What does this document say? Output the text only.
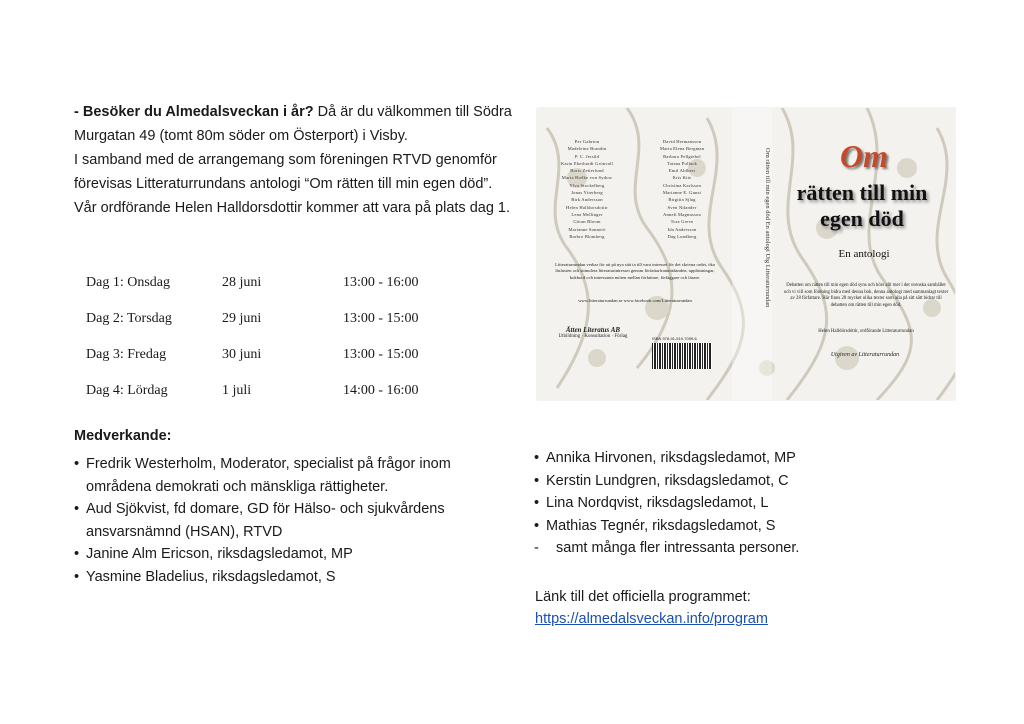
- Besöker du Almedalsveckan i år? Då är du välkommen till Södra Murgatan 49 (tomt 80m söder om Österport) i Visby.
I samband med de arrangemang som föreningen RTVD genomför förevisas Litteraturrundans antologi “Om rätten till min egen död”.
Vår ordförande Helen Halldorsdottir kommer att vara på plats dag 1.
Dag 1: Onsdag	28 juni	13:00 - 16:00
Dag 2: Torsdag	29 juni	13:00 - 15:00
Dag 3: Fredag	30 juni	13:00 - 15:00
Dag 4: Lördag	1 juli	14:00 - 16:00
Medverkande:
• Fredrik Westerholm, Moderator, specialist på frågor inom områdena demokrati och mänskliga rättigheter.
• Aud Sjökvist, fd domare, GD för Hälso- och sjukvårdens ansvarsnämnd (HSAN), RTVD
• Janine Alm Ericson, riksdagsledamot, MP
• Yasmine Bladelius, riksdagsledamot, S
• Annika Hirvonen, riksdagsledamot, MP
• Kerstin Lundgren, riksdagsledamot, C
• Lina Nordqvist, riksdagsledamot, L
• Mathias Tegnér, riksdagsledamot, S
- samt många fler intressanta personer.
Länk till det officiella programmet:
https://almedalsveckan.info/program
Om rätten till min egen död En antologi Utg Litteraturrundan
Per Gahrton
Madeleine Brandin
P. C. Jersild
Karin Ekerhardt Grönvall
Boris Zetterlund
Maria Bielke von Sydow
Ylva Stockelberg
Jonas Ytterberg
Birk Andersson
Helen Halldorsdottir
Lena Mellinger
Göran Bloom
Marianne Sonnerö
Barbro Blomberg
David Hermansson
Maria Elena Bergman
Barbara Fellgiebel
Taiana Pollack
Emil Ahlbert
Kris Kite
Christina Karlsson
Marianne E. Gunst
Birgitta Sjlag
Sven Nilander
Anneli Magnusson
Tora Greve
Ida Andersson
Dag Lundberg
Litteraturrundan verkar för att på nya sätt ta till vara intresset för det skrivna ordet, öka läslusten och stimulera litteraturintresset genom författarframträdanden, upplästningar, bokbord och intressanta möten mellan författare, förläggare och läsare.
www.litteraturrundan.se www.facebook.com/Litteraturrundan
Ätten Literatus AB
Utbildning · Konsultation · Förlag	ISBN 978-91-519-7099-6
Om
rätten till min egen död
En antologi
Debatten om rätten till min egen död syns och hörs allt mer i det svenska samhället och vi vill som förening bidra med denna bok, denna antologi med sammanlagt texter av 28 författare. Här finns 28 mycket olika texter som alla på sitt sätt bidrar till debatten om rätten till min egen död.
Helen Halldórsdóttir, ordförande Litteraturrundan
Utgiven av Litteraturrundan
